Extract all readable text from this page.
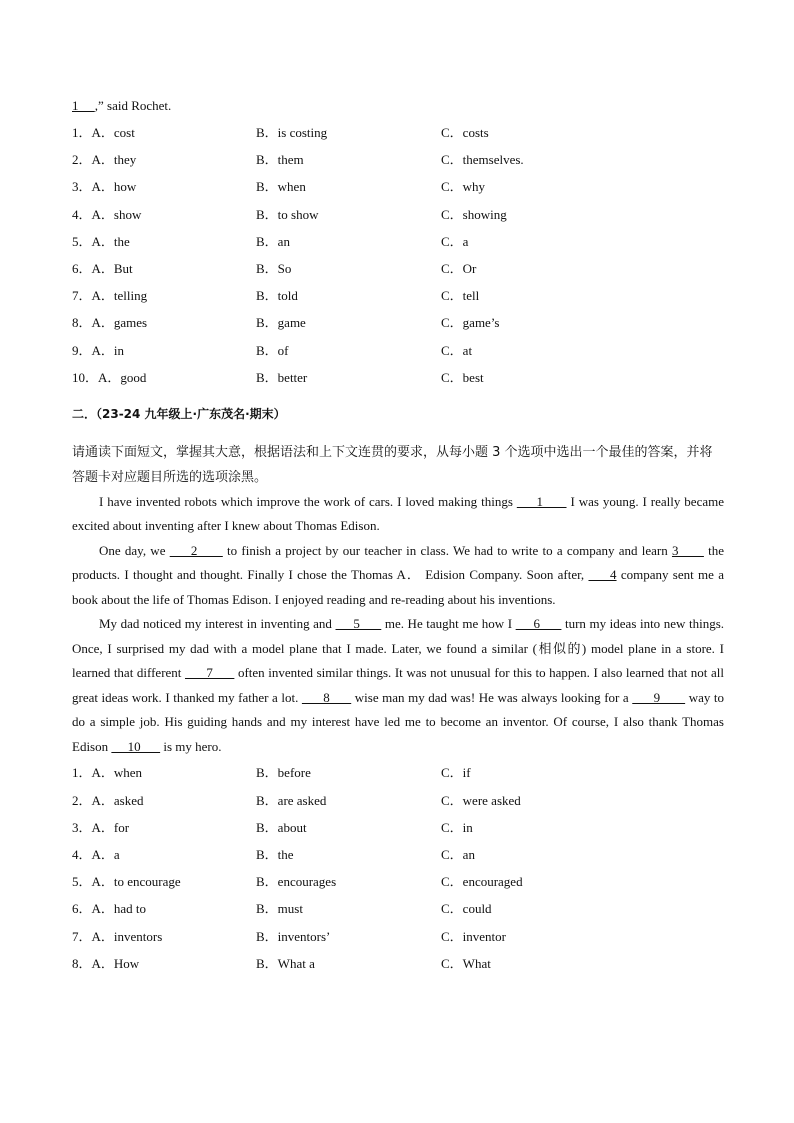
1     ,” said Rochet.
1．A．cost	B．is costing	C．costs
2．A．they	B．them	C．themselves.
3．A．how	B．when	C．why
4．A．show	B．to show	C．showing
5．A．the	B．an	C．a
6．A．But	B．So	C．Or
7．A．telling	B．told	C．tell
8．A．games	B．game	C．game’s
9．A．in	B．of	C．at
10．A．good	B．better	C．best
二．（23-24 九年级上·广东茂名·期末）
请通读下面短文，掌握其大意，根据语法和上下文连贯的要求，从每小题 3 个选项中选出一个最佳的答案，并将答题卡对应题目所选的选项涂黑。
I have invented robots which improve the work of cars. I loved making things      1       I was young. I really became excited about inventing after I knew about Thomas Edison.
One day, we      2       to finish a project by our teacher in class. We had to write to a company and learn 3       the products. I thought and thought. Finally I chose the Thomas A． Edision Company. Soon after,      4 company sent me a book about the life of Thomas Edison. I enjoyed reading and re-reading about his inventions.
My dad noticed my interest in inventing and      5       me. He taught me how I      6       turn my ideas into new things. Once, I surprised my dad with a model plane that I made. Later, we found a similar (相似的) model plane in a store. I learned that different       7       often invented similar things. It was not unusual for this to happen. I also learned that not all great ideas work. I thanked my father a lot.       8       wise man my dad was! He was always looking for a       9        way to do a simple job. His guiding hands and my interest have led me to become an inventor. Of course, I also thank Thomas Edison      10       is my hero.
1．A．when	B．before	C．if
2．A．asked	B．are asked	C．were asked
3．A．for	B．about	C．in
4．A．a	B．the	C．an
5．A．to encourage	B．encourages	C．encouraged
6．A．had to	B．must	C．could
7．A．inventors	B．inventors’	C．inventor
8．A．How	B．What a	C．What
